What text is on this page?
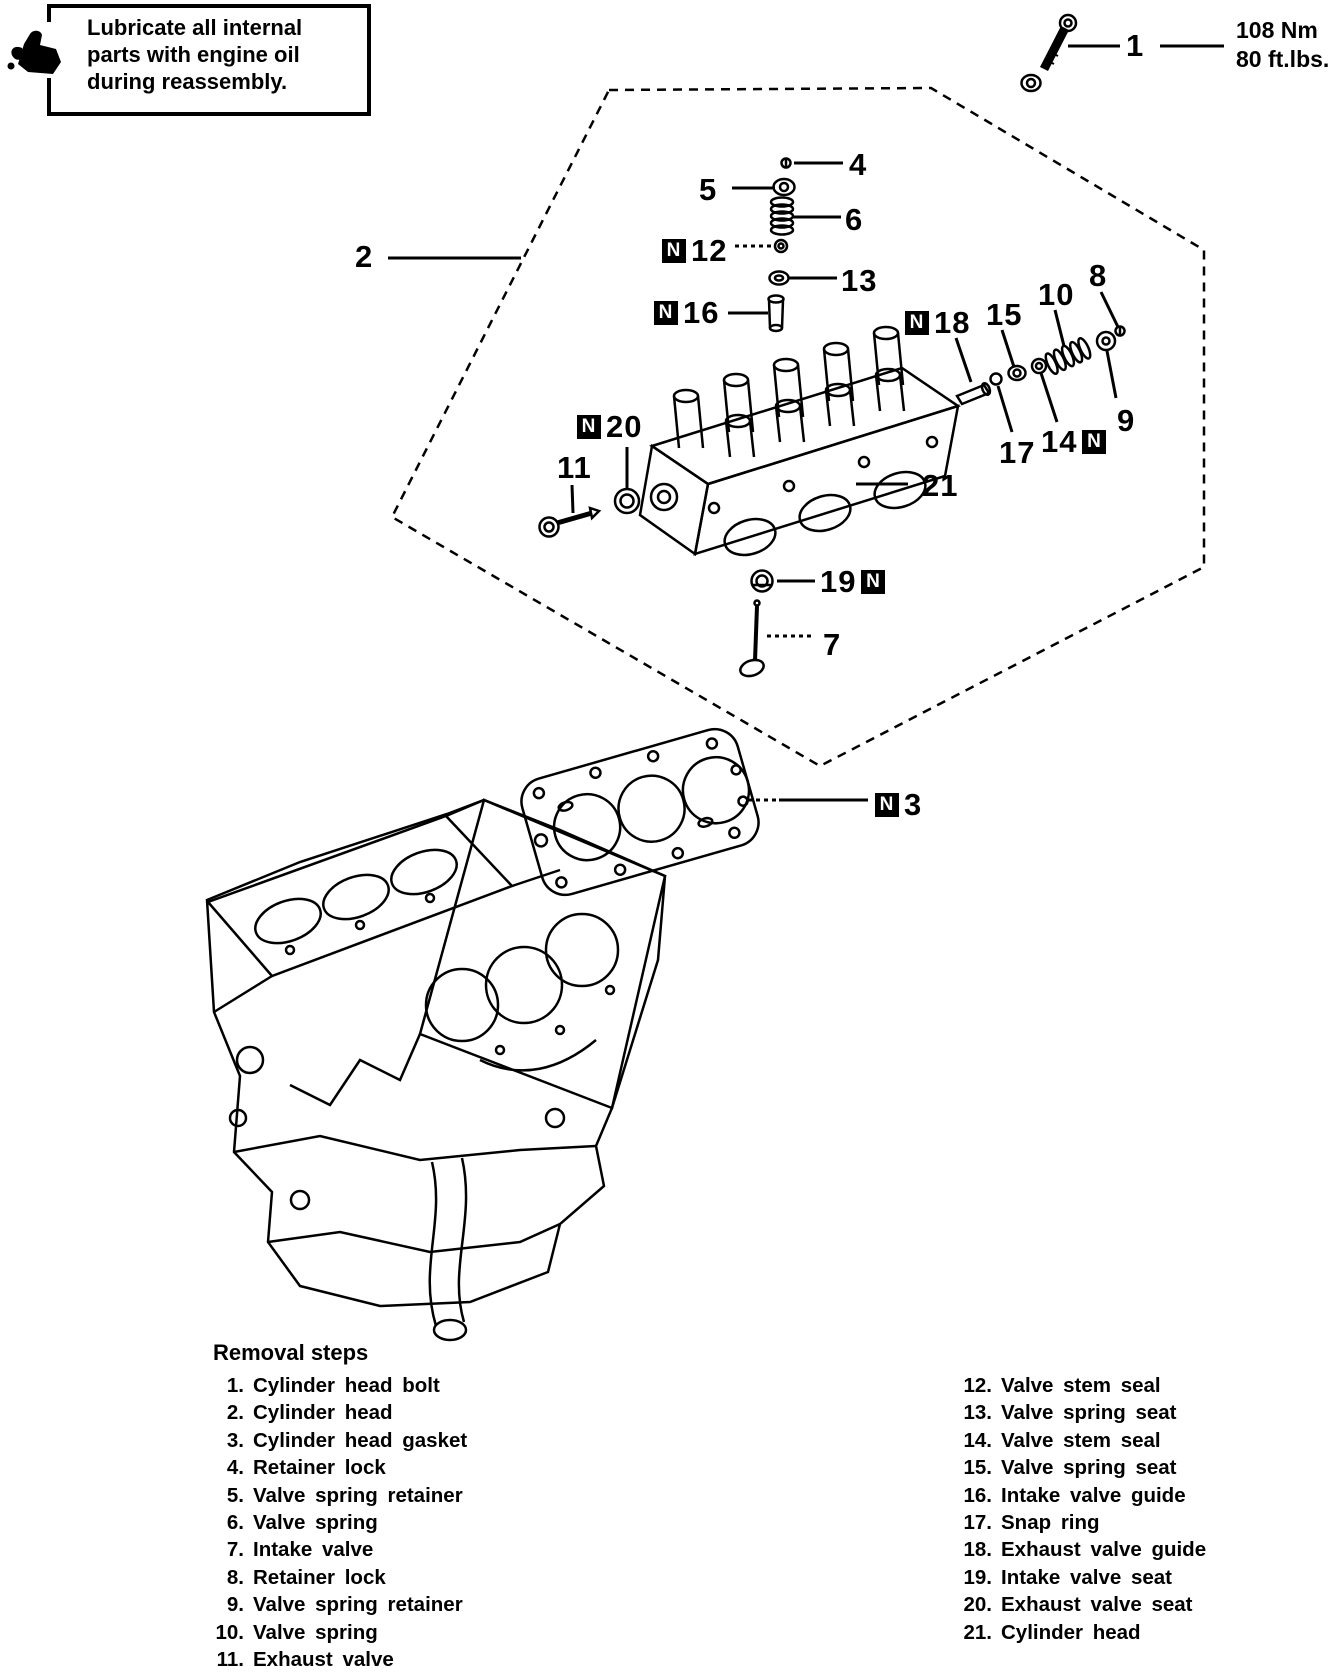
Lubricate all internal parts with engine oil during reassembly.
108 Nm
80 ft.lbs.
1
2
4
5
6
N 12
13
N 16	N 18 15
10
8
9
17 14 N
N 20
11
21
19 N
7
N 3
Removal steps
1. Cylinder head bolt
2. Cylinder head
3. Cylinder head gasket
4. Retainer lock
5. Valve spring retainer
6. Valve spring
7. Intake valve
8. Retainer lock
9. Valve spring retainer
10. Valve spring
11. Exhaust valve
12. Valve stem seal
13. Valve spring seat
14. Valve stem seal
15. Valve spring seat
16. Intake valve guide
17. Snap ring
18. Exhaust valve guide
19. Intake valve seat
20. Exhaust valve seat
21. Cylinder head
